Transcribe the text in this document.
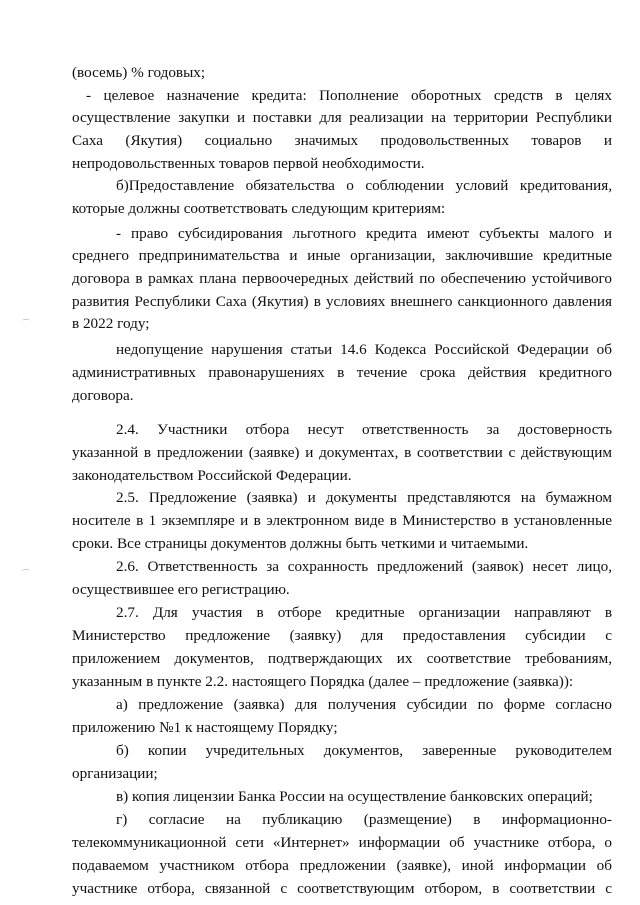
(восемь) % годовых;
- целевое назначение кредита: Пополнение оборотных средств в целях
осуществление закупки и поставки для реализации на территории Республики
Саха (Якутия) социально значимых продовольственных товаров и
непродовольственных товаров первой необходимости.
б)Предоставление обязательства о соблюдении условий кредитования,
которые должны соответствовать следующим критериям:
- право субсидирования льготного кредита имеют субъекты малого и
среднего предпринимательства и иные организации, заключившие кредитные
договора в рамках плана первоочередных действий по обеспечению устойчивого
развития Республики Саха (Якутия) в условиях внешнего санкционного давления
в 2022 году;
недопущение нарушения статьи 14.6 Кодекса Российской Федерации об
административных правонарушениях в течение срока действия кредитного
договора.
2.4. Участники отбора несут ответственность за достоверность
указанной в предложении (заявке) и документах, в соответствии с действующим
законодательством Российской Федерации.
2.5. Предложение (заявка) и документы представляются на бумажном
носителе в 1 экземпляре и в электронном виде в Министерство в установленные
сроки. Все страницы документов должны быть четкими и читаемыми.
2.6. Ответственность за сохранность предложений (заявок) несет лицо,
осуществившее его регистрацию.
2.7. Для участия в отборе кредитные организации направляют в
Министерство предложение (заявку) для предоставления субсидии с
приложением документов, подтверждающих их соответствие требованиям,
указанным в пункте 2.2. настоящего Порядка (далее – предложение (заявка)):
а) предложение (заявка) для получения субсидии по форме согласно
приложению №1 к настоящему Порядку;
б) копии учредительных документов, заверенные руководителем
организации;
в) копия лицензии Банка России на осуществление банковских операций;
г) согласие на публикацию (размещение) в информационно-
телекоммуникационной сети «Интернет» информации об участнике отбора, о
подаваемом участником отбора предложении (заявке), иной информации об
участнике отбора, связанной с соответствующим отбором, в соответствии с
⌒
⌒
